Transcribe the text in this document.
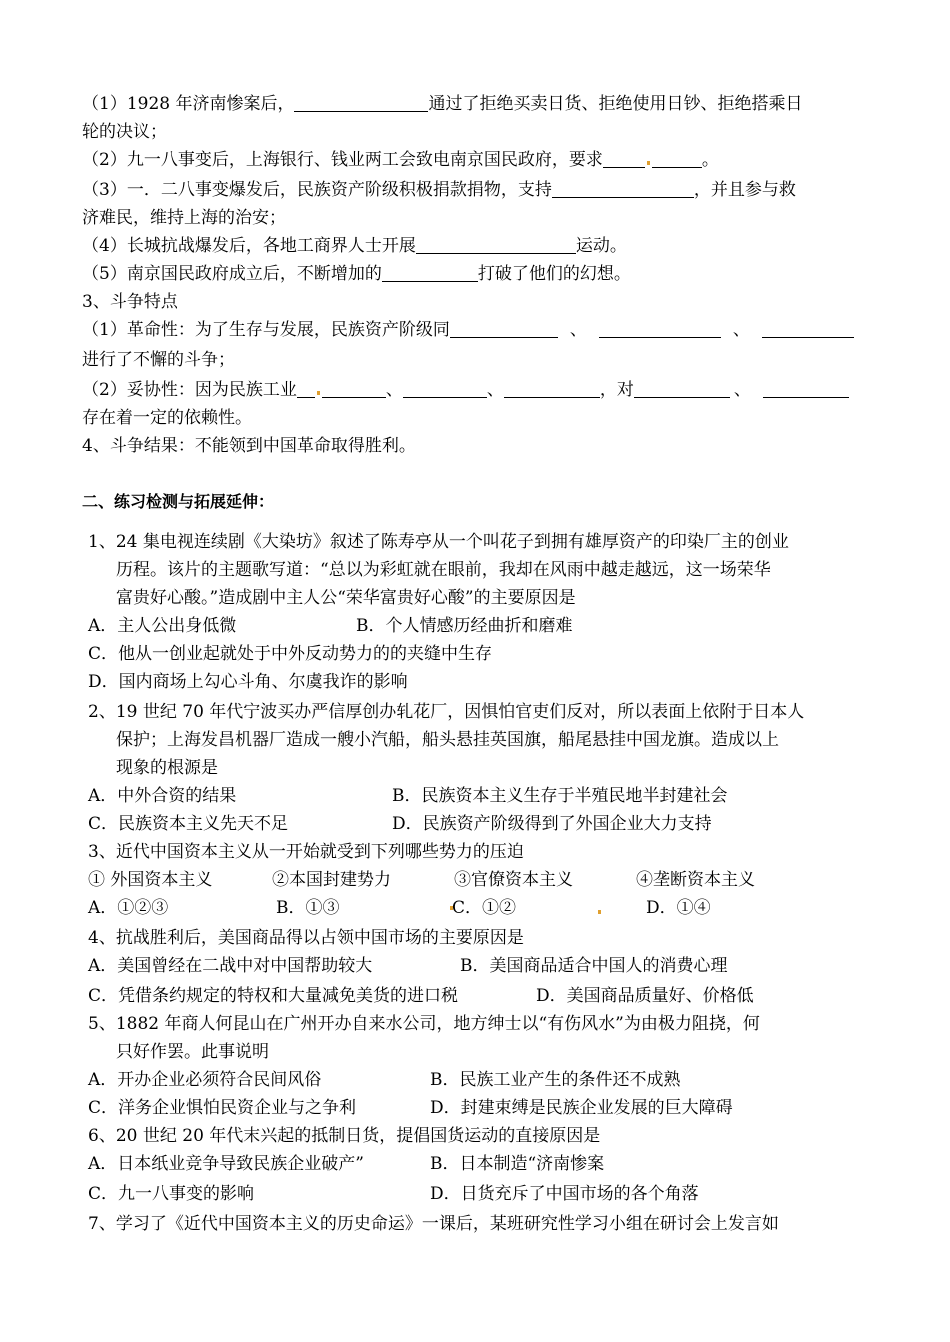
（1）1928 年济南惨案后，	通过了拒绝买卖日货、拒绝使用日钞、拒绝搭乘日
轮的决议；
（2）九一八事变后，上海银行、钱业两工会致电南京国民政府，要求	。
（3）一．二八事变爆发后，民族资产阶级积极捐款捐物，支持	，并且参与救
济难民，维持上海的治安；
（4）长城抗战爆发后，各地工商界人士开展	运动。
（5）南京国民政府成立后，不断增加的	打破了他们的幻想。
3、斗争特点
（1）革命性：为了生存与发展，民族资产阶级同	、	、
进行了不懈的斗争；
（2）妥协性：因为民族工业	、	、	，对	、
存在着一定的依赖性。
4、斗争结果：不能领到中国革命取得胜利。
二、练习检测与拓展延伸：
1、24 集电视连续剧《大染坊》叙述了陈寿亭从一个叫花子到拥有雄厚资产的印染厂主的创业
历程。该片的主题歌写道：“总以为彩虹就在眼前，我却在风雨中越走越远，这一场荣华
富贵好心酸。”造成剧中主人公“荣华富贵好心酸”的主要原因是
A．主人公出身低微	B．个人情感历经曲折和磨难
C．他从一创业起就处于中外反动势力的的夹缝中生存
D．国内商场上勾心斗角、尔虞我诈的影响
2、19 世纪 70 年代宁波买办严信厚创办轧花厂，因惧怕官吏们反对，所以表面上依附于日本人
保护；上海发昌机器厂造成一艘小汽船，船头悬挂英国旗，船尾悬挂中国龙旗。造成以上
现象的根源是
A．中外合资的结果	B．民族资本主义生存于半殖民地半封建社会
C．民族资本主义先天不足	D．民族资产阶级得到了外国企业大力支持
3、近代中国资本主义从一开始就受到下列哪些势力的压迫
① 外国资本主义	②本国封建势力	③官僚资本主义	④垄断资本主义
A．①②③	B．①③	C．①②	D．①④
4、抗战胜利后，美国商品得以占领中国市场的主要原因是
A．美国曾经在二战中对中国帮助较大	B．美国商品适合中国人的消费心理
C．凭借条约规定的特权和大量减免美货的进口税	D．美国商品质量好、价格低
5、1882 年商人何昆山在广州开办自来水公司，地方绅士以“有伤风水”为由极力阻挠，何
只好作罢。此事说明
A．开办企业必须符合民间风俗	B．民族工业产生的条件还不成熟
C．洋务企业惧怕民资企业与之争利	D．封建束缚是民族企业发展的巨大障碍
6、20 世纪 20 年代末兴起的抵制日货，提倡国货运动的直接原因是
A．日本纸业竞争导致民族企业破产”	B．日本制造“济南惨案
C．九一八事变的影响	D．日货充斥了中国市场的各个角落
7、学习了《近代中国资本主义的历史命运》一课后，某班研究性学习小组在研讨会上发言如
